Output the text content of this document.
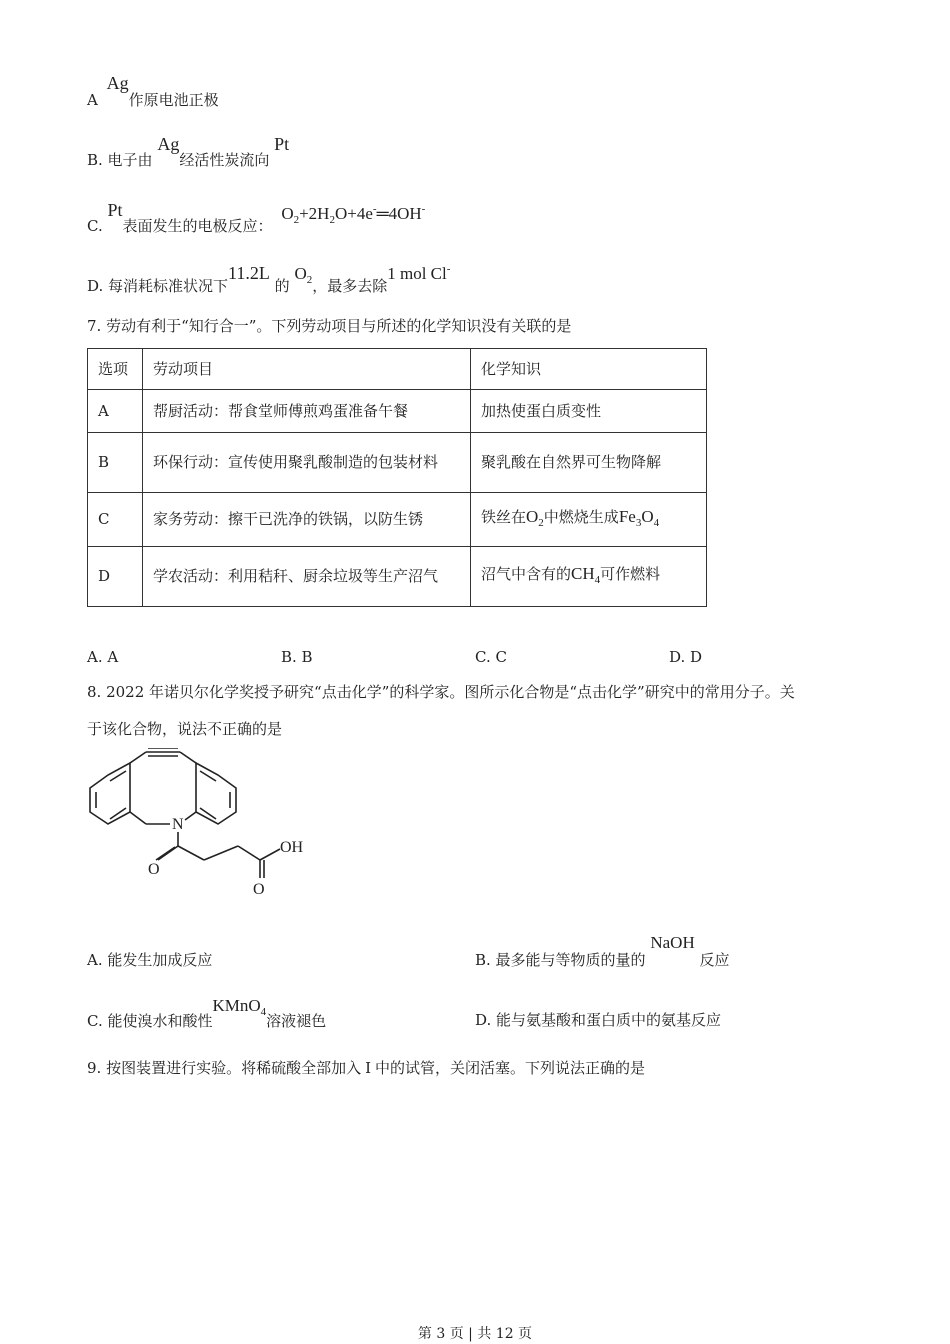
A Ag作原电池正极
B. 电子由 Ag经活性炭流向 Pt
C. Pt表面发生的电极反应： $O_2+2H_2O+4e^-═4OH^-$
D. 每消耗标准状况下11.2L 的 $O_2$，最多去除1 mol Cl-
7. 劳动有利于“知行合一”。下列劳动项目与所述的化学知识没有关联的是
选项	劳动项目	化学知识
A	帮厨活动：帮食堂师傅煎鸡蛋准备午餐	加热使蛋白质变性
B	环保行动：宣传使用聚乳酸制造的包装材料	聚乳酸在自然界可生物降解
C	家务劳动：擦干已洗净的铁锅，以防生锈	铁丝在$O_2$中燃烧生成$Fe_3O_4$
D	学农活动：利用秸秆、厨余垃圾等生产沼气	沼气中含有的$CH_4$可作燃料
A. A	B. B	C. C	D. D
8. 2022 年诺贝尔化学奖授予研究“点击化学”的科学家。图所示化合物是“点击化学”研究中的常用分子。关
于该化合物，说法不正确的是
N
O
O
OH
A. 能发生加成反应	B. 最多能与等物质的量的 NaOH 反应
C. 能使溴水和酸性KMnO$_4$溶液褪色	D. 能与氨基酸和蛋白质中的氨基反应
9. 按图装置进行实验。将稀硫酸全部加入 Ⅰ 中的试管，关闭活塞。下列说法正确的是
第 3 页 | 共 12 页
